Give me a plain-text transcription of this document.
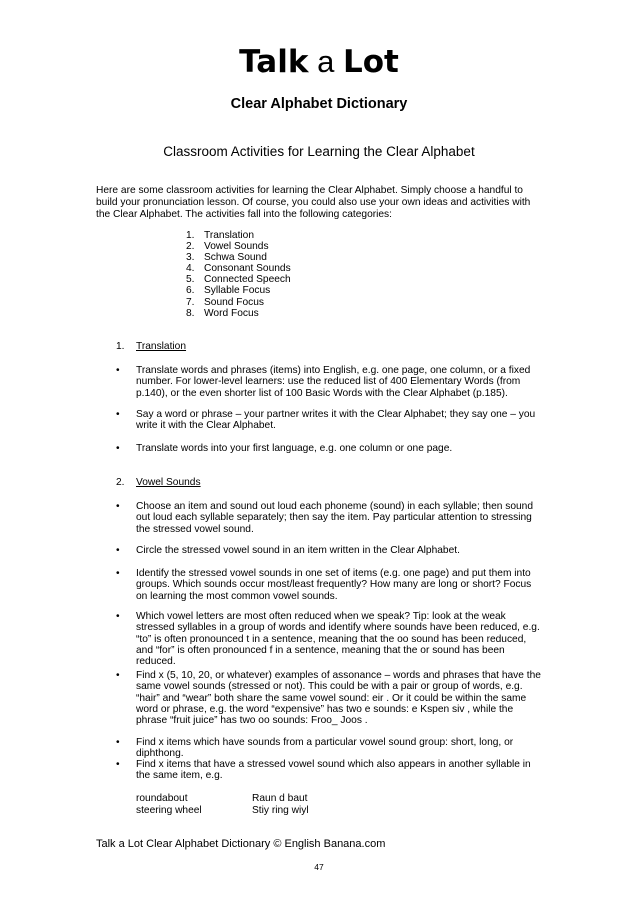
Talk a Lot
Clear Alphabet Dictionary
Classroom Activities for Learning the Clear Alphabet

Here are some classroom activities for learning the Clear Alphabet. Simply choose a handful to build your pronunciation lesson. Of course, you could also use your own ideas and activities with the Clear Alphabet. The activities fall into the following categories:

1. Translation
2. Vowel Sounds
3. Schwa Sound
4. Consonant Sounds
5. Connected Speech
6. Syllable Focus
7. Sound Focus
8. Word Focus
1. Translation
•	Translate words and phrases (items) into English, e.g. one page, one column, or a fixed number. For lower-level learners: use the reduced list of 400 Elementary Words (from p.140), or the even shorter list of 100 Basic Words with the Clear Alphabet (p.185).
•	Say a word or phrase – your partner writes it with the Clear Alphabet; they say one – you write it with the Clear Alphabet.
•	Translate words into your first language, e.g. one column or one page.
2. Vowel Sounds
•	Choose an item and sound out loud each phoneme (sound) in each syllable; then sound out loud each syllable separately; then say the item. Pay particular attention to stressing the stressed vowel sound.
•	Circle the stressed vowel sound in an item written in the Clear Alphabet.
•	Identify the stressed vowel sounds in one set of items (e.g. one page) and put them into groups. Which sounds occur most/least frequently? How many are long or short? Focus on learning the most common vowel sounds.
•	Which vowel letters are most often reduced when we speak? Tip: look at the weak stressed syllables in a group of words and identify where sounds have been reduced, e.g. “to” is often pronounced t in a sentence, meaning that the oo sound has been reduced, and “for” is often pronounced f in a sentence, meaning that the or sound has been reduced.
•	Find x (5, 10, 20, or whatever) examples of assonance – words and phrases that have the same vowel sounds (stressed or not). This could be with a pair or group of words, e.g. “hair” and “wear” both share the same vowel sound: eir . Or it could be within the same word or phrase, e.g. the word “expensive” has two e sounds: e Kspen siv , while the phrase “fruit juice” has two oo sounds: Froo_ Joos .
•	Find x items which have sounds from a particular vowel sound group: short, long, or diphthong.
•	Find x items that have a stressed vowel sound which also appears in another syllable in the same item, e.g.
roundabout	Raun d baut
steering wheel	Stiy ring wiyl
Talk a Lot Clear Alphabet Dictionary © English Banana.com
47
